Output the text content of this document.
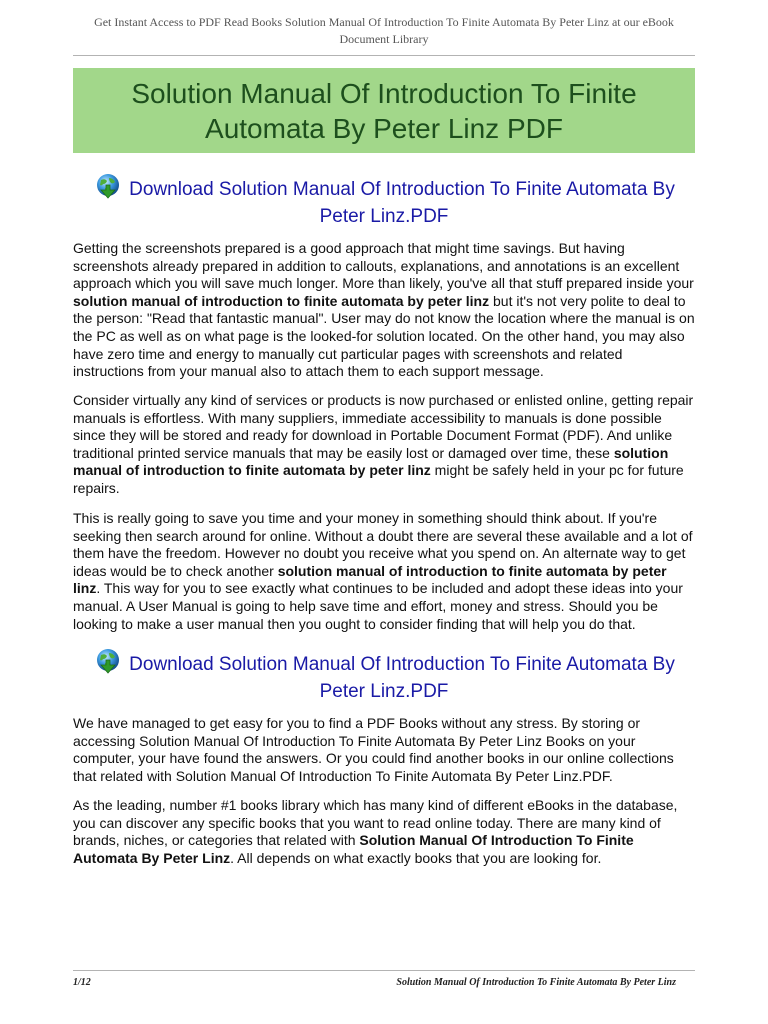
Get Instant Access to PDF Read Books Solution Manual Of Introduction To Finite Automata By Peter Linz at our eBook Document Library
Solution Manual Of Introduction To Finite Automata By Peter Linz PDF
Download Solution Manual Of Introduction To Finite Automata By Peter Linz.PDF

Getting the screenshots prepared is a good approach that might time savings. But having screenshots already prepared in addition to callouts, explanations, and annotations is an excellent approach which you will save much longer. More than likely, you've all that stuff prepared inside your solution manual of introduction to finite automata by peter linz but it's not very polite to deal to the person: "Read that fantastic manual". User may do not know the location where the manual is on the PC as well as on what page is the looked-for solution located. On the other hand, you may also have zero time and energy to manually cut particular pages with screenshots and related instructions from your manual also to attach them to each support message.

Consider virtually any kind of services or products is now purchased or enlisted online, getting repair manuals is effortless. With many suppliers, immediate accessibility to manuals is done possible since they will be stored and ready for download in Portable Document Format (PDF). And unlike traditional printed service manuals that may be easily lost or damaged over time, these solution manual of introduction to finite automata by peter linz might be safely held in your pc for future repairs.

This is really going to save you time and your money in something should think about. If you're seeking then search around for online. Without a doubt there are several these available and a lot of them have the freedom. However no doubt you receive what you spend on. An alternate way to get ideas would be to check another solution manual of introduction to finite automata by peter linz. This way for you to see exactly what continues to be included and adopt these ideas into your manual. A User Manual is going to help save time and effort, money and stress. Should you be looking to make a user manual then you ought to consider finding that will help you do that.

Download Solution Manual Of Introduction To Finite Automata By Peter Linz.PDF

We have managed to get easy for you to find a PDF Books without any stress. By storing or accessing Solution Manual Of Introduction To Finite Automata By Peter Linz Books on your computer, your have found the answers. Or you could find another books in our online collections that related with Solution Manual Of Introduction To Finite Automata By Peter Linz.PDF.

As the leading, number #1 books library which has many kind of different eBooks in the database, you can discover any specific books that you want to read online today. There are many kind of brands, niches, or categories that related with Solution Manual Of Introduction To Finite Automata By Peter Linz. All depends on what exactly books that you are looking for.

1/12	Solution Manual Of Introduction To Finite Automata By Peter Linz
